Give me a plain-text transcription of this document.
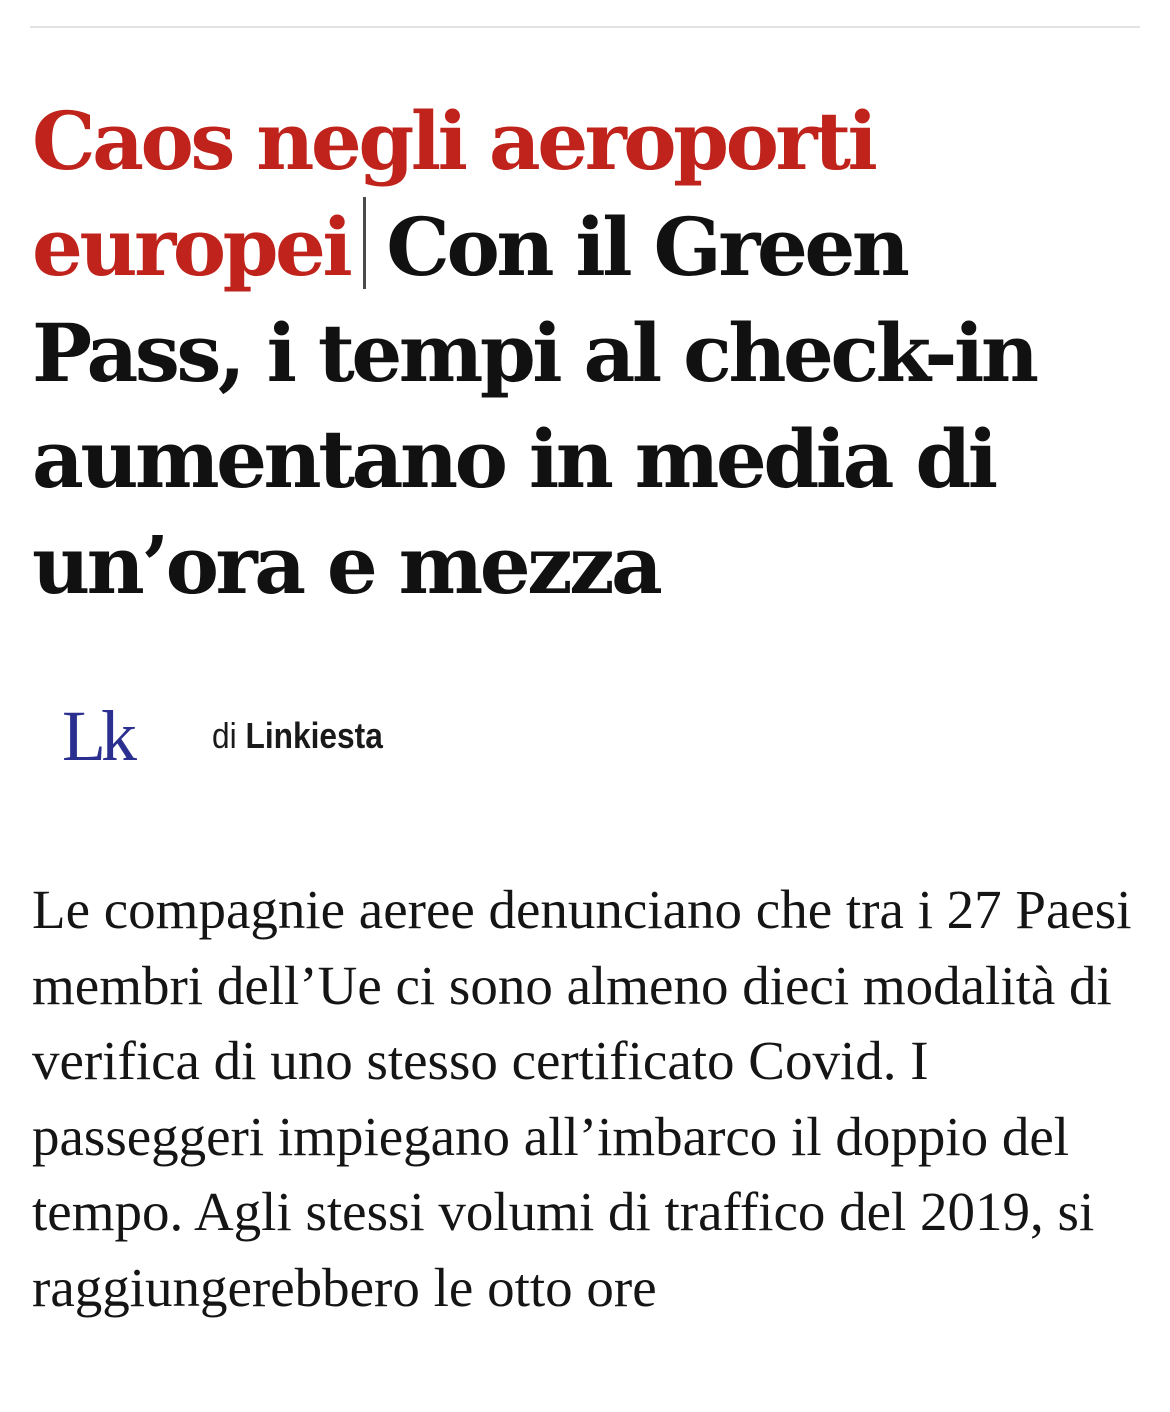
Caos negli aeroporti europei Con il Green Pass, i tempi al check-in aumentano in media di un’ora e mezza
Lk	di Linkiesta

Le compagnie aeree denunciano che tra i 27 Paesi membri dell’Ue ci sono almeno dieci modalità di verifica di uno stesso certificato Covid. I passeggeri impiegano all’imbarco il doppio del tempo. Agli stessi volumi di traffico del 2019, si raggiungerebbero le otto ore
